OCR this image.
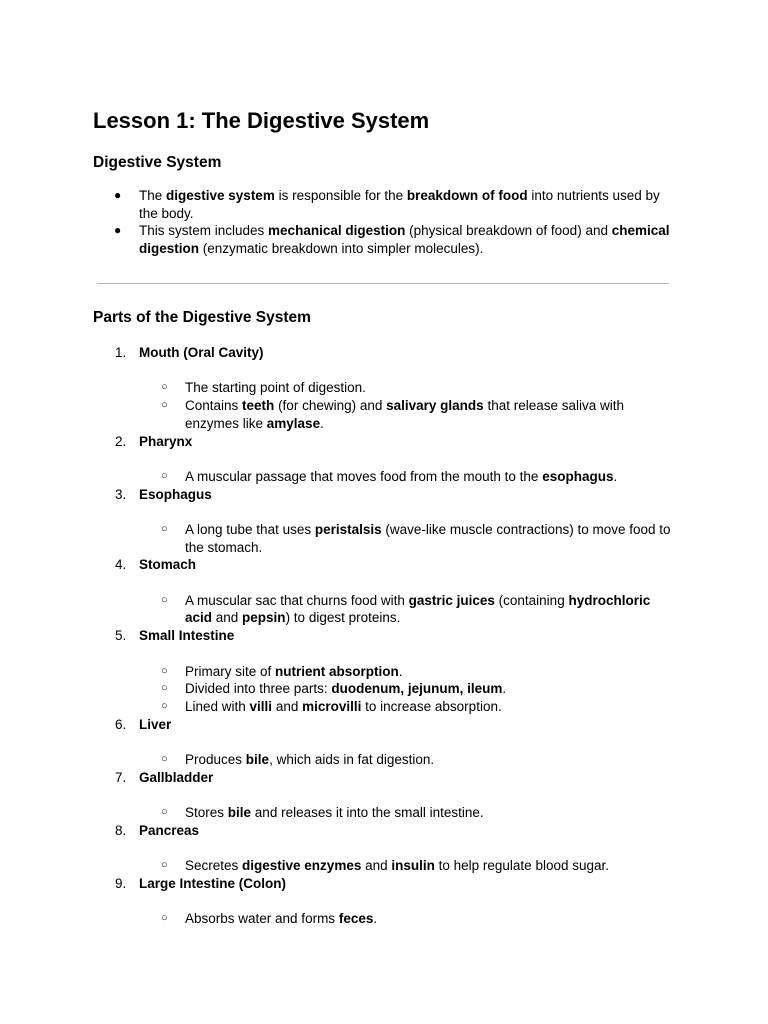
Lesson 1: The Digestive System
Digestive System
● The digestive system is responsible for the breakdown of food into nutrients used by the body.
● This system includes mechanical digestion (physical breakdown of food) and chemical digestion (enzymatic breakdown into simpler molecules).
Parts of the Digestive System
1. Mouth (Oral Cavity)
○ The starting point of digestion.
○ Contains teeth (for chewing) and salivary glands that release saliva with enzymes like amylase.
2. Pharynx
○ A muscular passage that moves food from the mouth to the esophagus.
3. Esophagus
○ A long tube that uses peristalsis (wave-like muscle contractions) to move food to the stomach.
4. Stomach
○ A muscular sac that churns food with gastric juices (containing hydrochloric acid and pepsin) to digest proteins.
5. Small Intestine
○ Primary site of nutrient absorption.
○ Divided into three parts: duodenum, jejunum, ileum.
○ Lined with villi and microvilli to increase absorption.
6. Liver
○ Produces bile, which aids in fat digestion.
7. Gallbladder
○ Stores bile and releases it into the small intestine.
8. Pancreas
○ Secretes digestive enzymes and insulin to help regulate blood sugar.
9. Large Intestine (Colon)
○ Absorbs water and forms feces.
